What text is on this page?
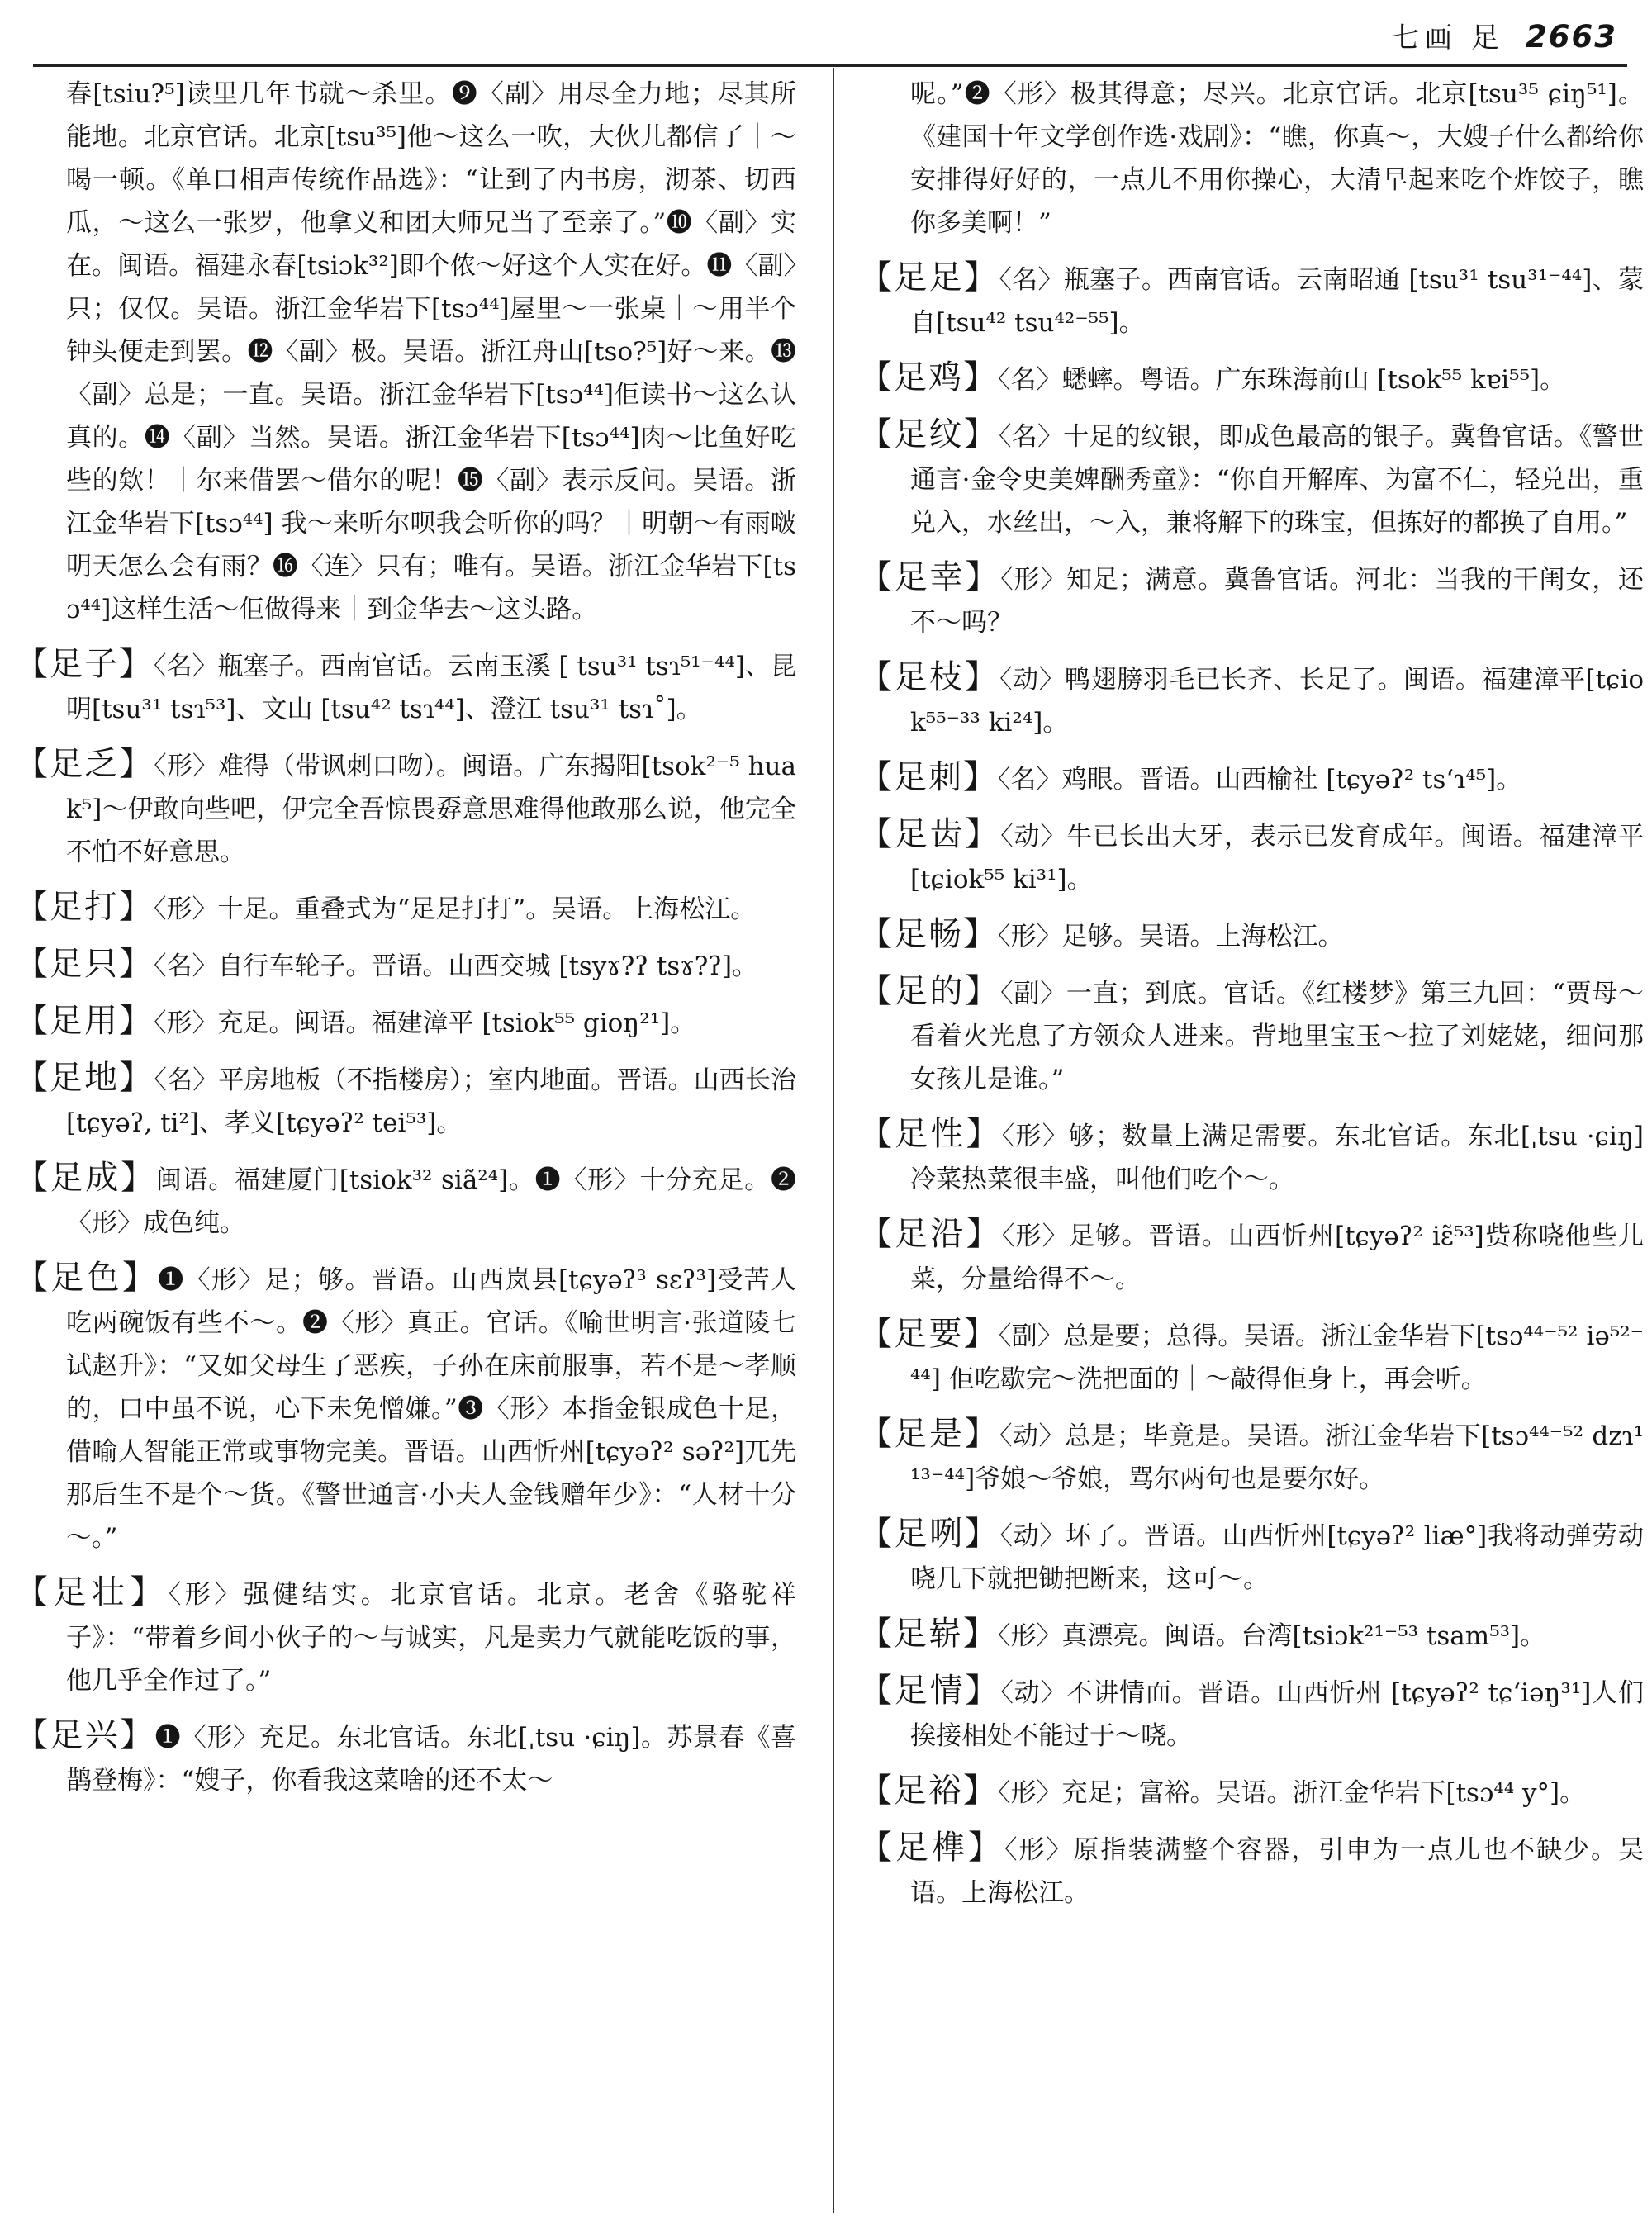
七画 足 2663

春[tsiu?⁵]读里几年书就～杀里。❾〈副〉用尽全力地；尽其所能地。北京官话。北京[tsu³⁵]他～这么一吹，大伙儿都信了｜～喝一顿。《单口相声传统作品选》：“让到了内书房，沏茶、切西瓜，～这么一张罗，他拿义和团大师兄当了至亲了。”❿〈副〉实在。闽语。福建永春[tsiɔk³²]即个侬～好这个人实在好。⓫〈副〉只；仅仅。吴语。浙江金华岩下[tsɔ⁴⁴]屋里～一张桌｜～用半个钟头便走到罢。⓬〈副〉极。吴语。浙江舟山[tso?⁵]好～来。⓭〈副〉总是；一直。吴语。浙江金华岩下[tsɔ⁴⁴]佢读书～这么认真的。⓮〈副〉当然。吴语。浙江金华岩下[tsɔ⁴⁴]肉～比鱼好吃些的欸！｜尔来借罢～借尔的呢！⓯〈副〉表示反问。吴语。浙江金华岩下[tsɔ⁴⁴] 我～来听尔呗我会听你的吗？｜明朝～有雨啵明天怎么会有雨？⓰〈连〉只有；唯有。吴语。浙江金华岩下[tsɔ⁴⁴]这样生活～佢做得来｜到金华去～这头路。

【足子】〈名〉瓶塞子。西南官话。云南玉溪 [ tsu³¹ tsɿ⁵¹⁻⁴⁴]、昆明[tsu³¹ tsɿ⁵³]、文山 [tsu⁴² tsɿ⁴⁴]、澄江 tsu³¹ tsɿ˚]。

【足乏】〈形〉难得（带讽刺口吻）。闽语。广东揭阳[tsok²⁻⁵ huak⁵]～伊敢向些吧，伊完全吾惊畏孬意思难得他敢那么说，他完全不怕不好意思。

【足打】〈形〉十足。重叠式为“足足打打”。吴语。上海松江。

【足只】〈名〉自行车轮子。晋语。山西交城 [tsyɤ?ʔ tsɤ?ʔ]。

【足用】〈形〉充足。闽语。福建漳平 [tsiok⁵⁵ gioŋ²¹]。

【足地】〈名〉平房地板（不指楼房）；室内地面。晋语。山西长治[tɕyəʔ, ti²]、孝义[tɕyəʔ² tei⁵³]。

【足成】闽语。福建厦门[tsiok³² siã²⁴]。❶〈形〉十分充足。❷〈形〉成色纯。

【足色】❶〈形〉足；够。晋语。山西岚县[tɕyəʔ³ sɛʔ³]受苦人吃两碗饭有些不～。❷〈形〉真正。官话。《喻世明言·张道陵七试赵升》：“又如父母生了恶疾，子孙在床前服事，若不是～孝顺的，口中虽不说，心下未免憎嫌。”❸〈形〉本指金银成色十足，借喻人智能正常或事物完美。晋语。山西忻州[tɕyəʔ² səʔ²]兀先那后生不是个～货。《警世通言·小夫人金钱赠年少》：“人材十分～。”

【足壮】〈形〉强健结实。北京官话。北京。老舍《骆驼祥子》：“带着乡间小伙子的～与诚实，凡是卖力气就能吃饭的事，他几乎全作过了。”

【足兴】❶〈形〉充足。东北官话。东北[ˌtsu ·ɕiŋ]。苏景春《喜鹊登梅》：“嫂子，你看我这菜啥的还不太～

呢。”❷〈形〉极其得意；尽兴。北京官话。北京[tsu³⁵ ɕiŋ⁵¹]。《建国十年文学创作选·戏剧》：“瞧，你真～，大嫂子什么都给你安排得好好的，一点儿不用你操心，大清早起来吃个炸饺子，瞧你多美啊！”

【足足】〈名〉瓶塞子。西南官话。云南昭通 [tsu³¹ tsu³¹⁻⁴⁴]、蒙自[tsu⁴² tsu⁴²⁻⁵⁵]。

【足鸡】〈名〉蟋蟀。粤语。广东珠海前山 [tsok⁵⁵ kɐi⁵⁵]。

【足纹】〈名〉十足的纹银，即成色最高的银子。冀鲁官话。《警世通言·金令史美婢酬秀童》：“你自开解库、为富不仁，轻兑出，重兑入，水丝出，～入，兼将解下的珠宝，但拣好的都换了自用。”

【足幸】〈形〉知足；满意。冀鲁官话。河北：当我的干闺女，还不～吗？

【足枝】〈动〉鸭翅膀羽毛已长齐、长足了。闽语。福建漳平[tɕiok⁵⁵⁻³³ ki²⁴]。

【足刺】〈名〉鸡眼。晋语。山西榆社 [tɕyəʔ² tsʻɿ⁴⁵]。

【足齿】〈动〉牛已长出大牙，表示已发育成年。闽语。福建漳平[tɕiok⁵⁵ ki³¹]。

【足畅】〈形〉足够。吴语。上海松江。

【足的】〈副〉一直；到底。官话。《红楼梦》第三九回：“贾母～看着火光息了方领众人进来。背地里宝玉～拉了刘姥姥，细问那女孩儿是谁。”

【足性】〈形〉够；数量上满足需要。东北官话。东北[ˌtsu ·ɕiŋ]冷菜热菜很丰盛，叫他们吃个～。

【足沿】〈形〉足够。晋语。山西忻州[tɕyəʔ² iɛ̃⁵³]赀称哓他些儿菜，分量给得不～。

【足要】〈副〉总是要；总得。吴语。浙江金华岩下[tsɔ⁴⁴⁻⁵² iə⁵²⁻⁴⁴] 佢吃歇完～洗把面的｜～敲得佢身上，再会听。

【足是】〈动〉总是；毕竟是。吴语。浙江金华岩下[tsɔ⁴⁴⁻⁵² dzɿ¹¹³⁻⁴⁴]爷娘～爷娘，骂尔两句也是要尔好。

【足咧】〈动〉坏了。晋语。山西忻州[tɕyəʔ² liæ°]我将动弹劳动哓几下就把锄把断来，这可～。

【足崭】〈形〉真漂亮。闽语。台湾[tsiɔk²¹⁻⁵³ tsam⁵³]。

【足情】〈动〉不讲情面。晋语。山西忻州 [tɕyəʔ² tɕʻiəŋ³¹]人们挨接相处不能过于～哓。

【足裕】〈形〉充足；富裕。吴语。浙江金华岩下[tsɔ⁴⁴ y°]。

【足榫】〈形〉原指装满整个容器，引申为一点儿也不缺少。吴语。上海松江。
